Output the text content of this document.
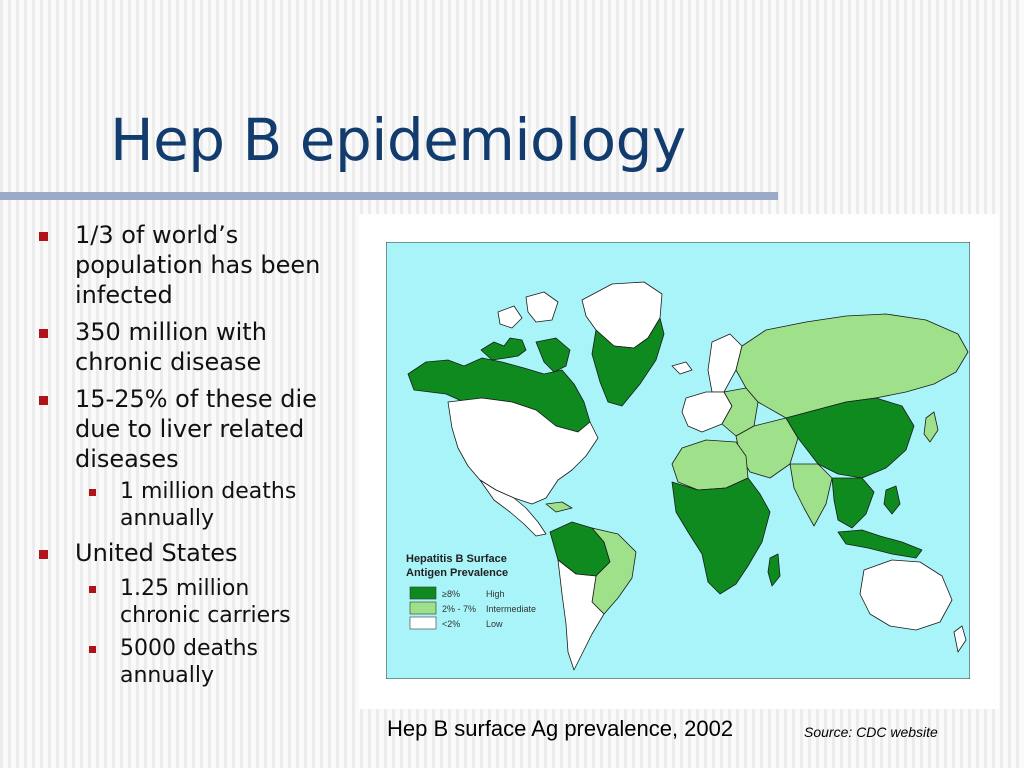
Hep B epidemiology
1/3 of world’s population has been infected
350 million with chronic disease
15-25% of these die due to liver related diseases
1 million deaths annually
United States
1.25 million chronic carriers
5000 deaths annually
Hepatitis B Surface
Antigen Prevalence
≥8%	High
2% - 7% Intermediate
<2%	Low
Hep B surface Ag prevalence, 2002	Source: CDC website
